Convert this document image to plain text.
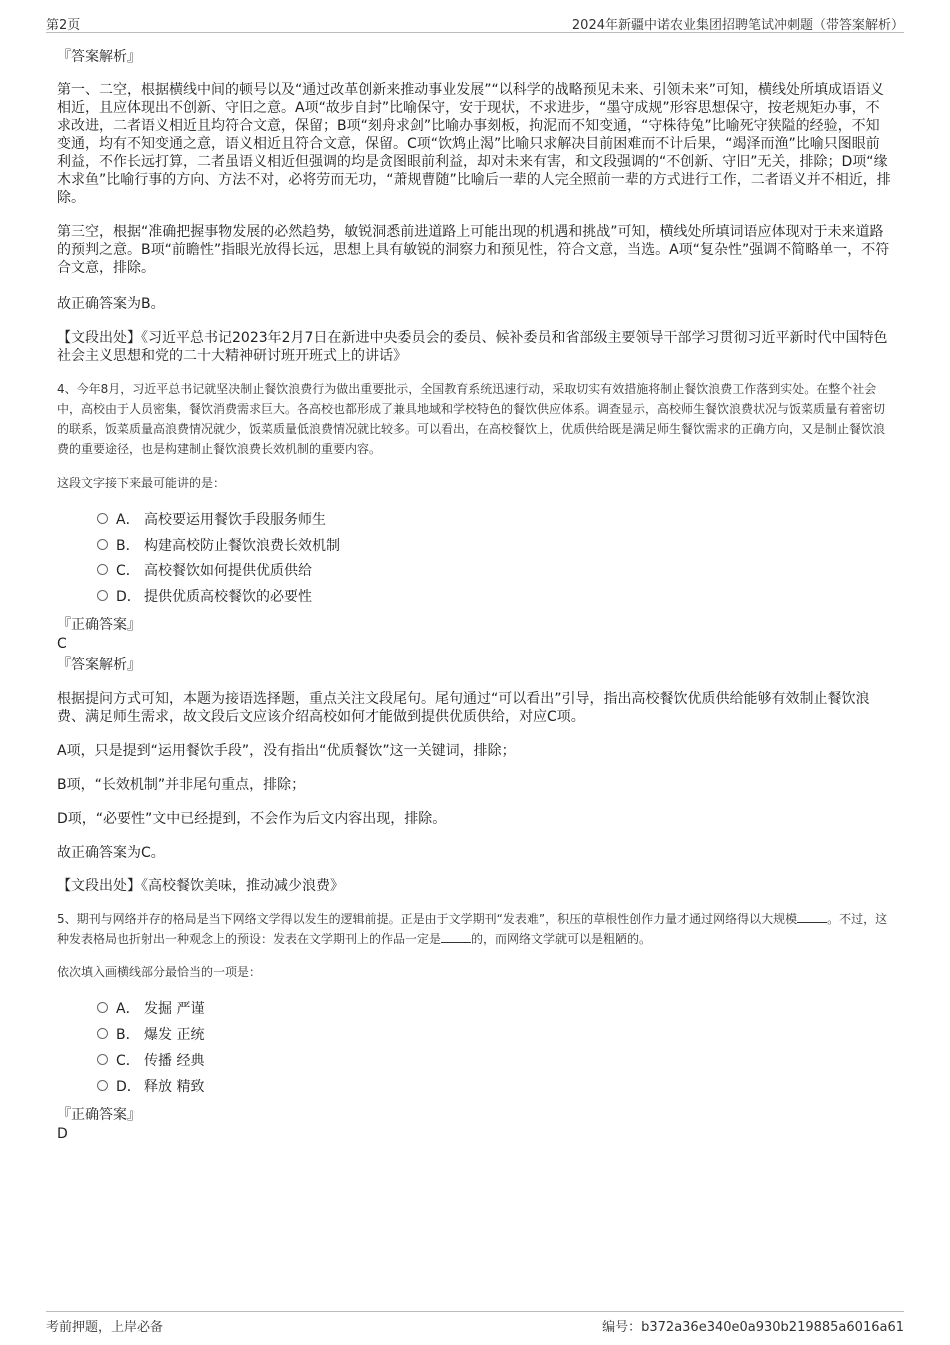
第2页	2024年新疆中诺农业集团招聘笔试冲刺题（带答案解析）
『答案解析』
第一、二空，根据横线中间的顿号以及“通过改革创新来推动事业发展”“以科学的战略预见未来、引领未来”可知，横线处所填成语语义相近，且应体现出不创新、守旧之意。A项“故步自封”比喻保守，安于现状，不求进步，“墨守成规”形容思想保守，按老规矩办事，不求改进，二者语义相近且均符合文意，保留；B项“刻舟求剑”比喻办事刻板，拘泥而不知变通，“守株待兔”比喻死守狭隘的经验，不知变通，均有不知变通之意，语义相近且符合文意，保留。C项“饮鸩止渴”比喻只求解决目前困难而不计后果，“竭泽而渔”比喻只图眼前利益，不作长远打算，二者虽语义相近但强调的均是贪图眼前利益，却对未来有害，和文段强调的“不创新、守旧”无关，排除；D项“缘木求鱼”比喻行事的方向、方法不对，必将劳而无功，“萧规曹随”比喻后一辈的人完全照前一辈的方式进行工作，二者语义并不相近，排除。
第三空，根据“准确把握事物发展的必然趋势，敏锐洞悉前进道路上可能出现的机遇和挑战”可知，横线处所填词语应体现对于未来道路的预判之意。B项“前瞻性”指眼光放得长远，思想上具有敏锐的洞察力和预见性，符合文意，当选。A项“复杂性”强调不简略单一，不符合文意，排除。
故正确答案为B。
【文段出处】《习近平总书记2023年2月7日在新进中央委员会的委员、候补委员和省部级主要领导干部学习贯彻习近平新时代中国特色社会主义思想和党的二十大精神研讨班开班式上的讲话》
4、今年8月，习近平总书记就坚决制止餐饮浪费行为做出重要批示，全国教育系统迅速行动，采取切实有效措施将制止餐饮浪费工作落到实处。在整个社会中，高校由于人员密集，餐饮消费需求巨大。各高校也都形成了兼具地域和学校特色的餐饮供应体系。调查显示，高校师生餐饮浪费状况与饭菜质量有着密切的联系，饭菜质量高浪费情况就少，饭菜质量低浪费情况就比较多。可以看出，在高校餐饮上，优质供给既是满足师生餐饮需求的正确方向，又是制止餐饮浪费的重要途径，也是构建制止餐饮浪费长效机制的重要内容。
这段文字接下来最可能讲的是：
A． 高校要运用餐饮手段服务师生
B． 构建高校防止餐饮浪费长效机制
C． 高校餐饮如何提供优质供给
D． 提供优质高校餐饮的必要性
『正确答案』
C
『答案解析』
根据提问方式可知，本题为接语选择题，重点关注文段尾句。尾句通过“可以看出”引导，指出高校餐饮优质供给能够有效制止餐饮浪费、满足师生需求，故文段后文应该介绍高校如何才能做到提供优质供给，对应C项。
A项，只是提到“运用餐饮手段”，没有指出“优质餐饮”这一关键词，排除；
B项，“长效机制”并非尾句重点，排除；
D项，“必要性”文中已经提到，不会作为后文内容出现，排除。
故正确答案为C。
【文段出处】《高校餐饮美味，推动减少浪费》
5、期刊与网络并存的格局是当下网络文学得以发生的逻辑前提。正是由于文学期刊“发表难”，积压的草根性创作力量才通过网络得以大规模	。不过，这种发表格局也折射出一种观念上的预设：发表在文学期刊上的作品一定是	的，而网络文学就可以是粗陋的。
依次填入画横线部分最恰当的一项是：
A． 发掘 严谨
B． 爆发 正统
C． 传播 经典
D． 释放 精致
『正确答案』
D
考前押题，上岸必备	编号：b372a36e340e0a930b219885a6016a61
